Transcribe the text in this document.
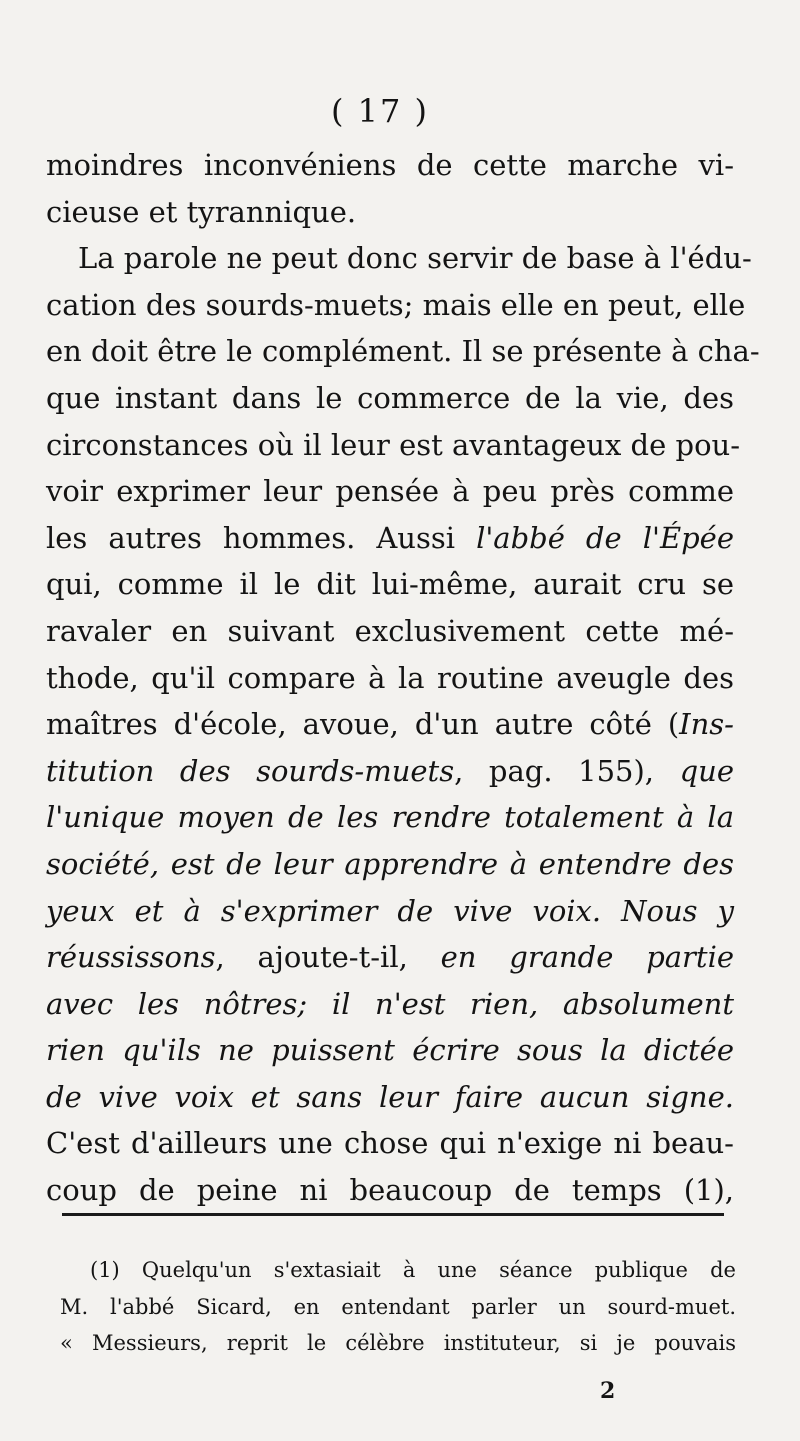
( 17 )
moindres inconvéniens de cette marche vi-
cieuse et tyrannique.
La parole ne peut donc servir de base à l'édu-
cation des sourds-muets; mais elle en peut, elle
en doit être le complément. Il se présente à cha-
que instant dans le commerce de la vie, des
circonstances où il leur est avantageux de pou-
voir exprimer leur pensée à peu près comme
les autres hommes. Aussi l'abbé de l'Épée
qui, comme il le dit lui-même, aurait cru se
ravaler en suivant exclusivement cette mé-
thode, qu'il compare à la routine aveugle des
maîtres d'école, avoue, d'un autre côté (Ins-
titution des sourds-muets, pag. 155), que
l'unique moyen de les rendre totalement à la
société, est de leur apprendre à entendre des
yeux et à s'exprimer de vive voix. Nous y
réussissons, ajoute-t-il, en grande partie
avec les nôtres; il n'est rien, absolument
rien qu'ils ne puissent écrire sous la dictée
de vive voix et sans leur faire aucun signe.
C'est d'ailleurs une chose qui n'exige ni beau-
coup de peine ni beaucoup de temps (1),
(1) Quelqu'un s'extasiait à une séance publique de
M. l'abbé Sicard, en entendant parler un sourd-muet.
« Messieurs, reprit le célèbre instituteur, si je pouvais
2
